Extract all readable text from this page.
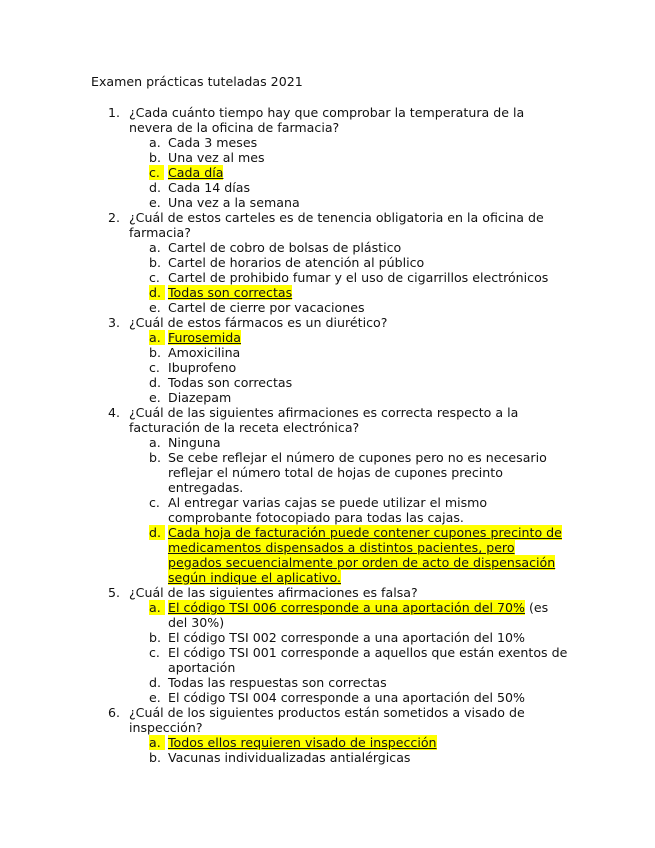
Examen prácticas tuteladas 2021
1. ¿Cada cuánto tiempo hay que comprobar la temperatura de la nevera de la oficina de farmacia?
a. Cada 3 meses
b. Una vez al mes
c. Cada día
d. Cada 14 días
e. Una vez a la semana
2. ¿Cuál de estos carteles es de tenencia obligatoria en la oficina de farmacia?
a. Cartel de cobro de bolsas de plástico
b. Cartel de horarios de atención al público
c. Cartel de prohibido fumar y el uso de cigarrillos electrónicos
d. Todas son correctas
e. Cartel de cierre por vacaciones
3. ¿Cuál de estos fármacos es un diurético?
a. Furosemida
b. Amoxicilina
c. Ibuprofeno
d. Todas son correctas
e. Diazepam
4. ¿Cuál de las siguientes afirmaciones es correcta respecto a la facturación de la receta electrónica?
a. Ninguna
b. Se cebe reflejar el número de cupones pero no es necesario reflejar el número total de hojas de cupones precinto entregadas.
c. Al entregar varias cajas se puede utilizar el mismo comprobante fotocopiado para todas las cajas.
d. Cada hoja de facturación puede contener cupones precinto de medicamentos dispensados a distintos pacientes, pero pegados secuencialmente por orden de acto de dispensación según indique el aplicativo.
5. ¿Cuál de las siguientes afirmaciones es falsa?
a. El código TSI 006 corresponde a una aportación del 70% (es del 30%)
b. El código TSI 002 corresponde a una aportación del 10%
c. El código TSI 001 corresponde a aquellos que están exentos de aportación
d. Todas las respuestas son correctas
e. El código TSI 004 corresponde a una aportación del 50%
6. ¿Cuál de los siguientes productos están sometidos a visado de inspección?
a. Todos ellos requieren visado de inspección
b. Vacunas individualizadas antialérgicas
